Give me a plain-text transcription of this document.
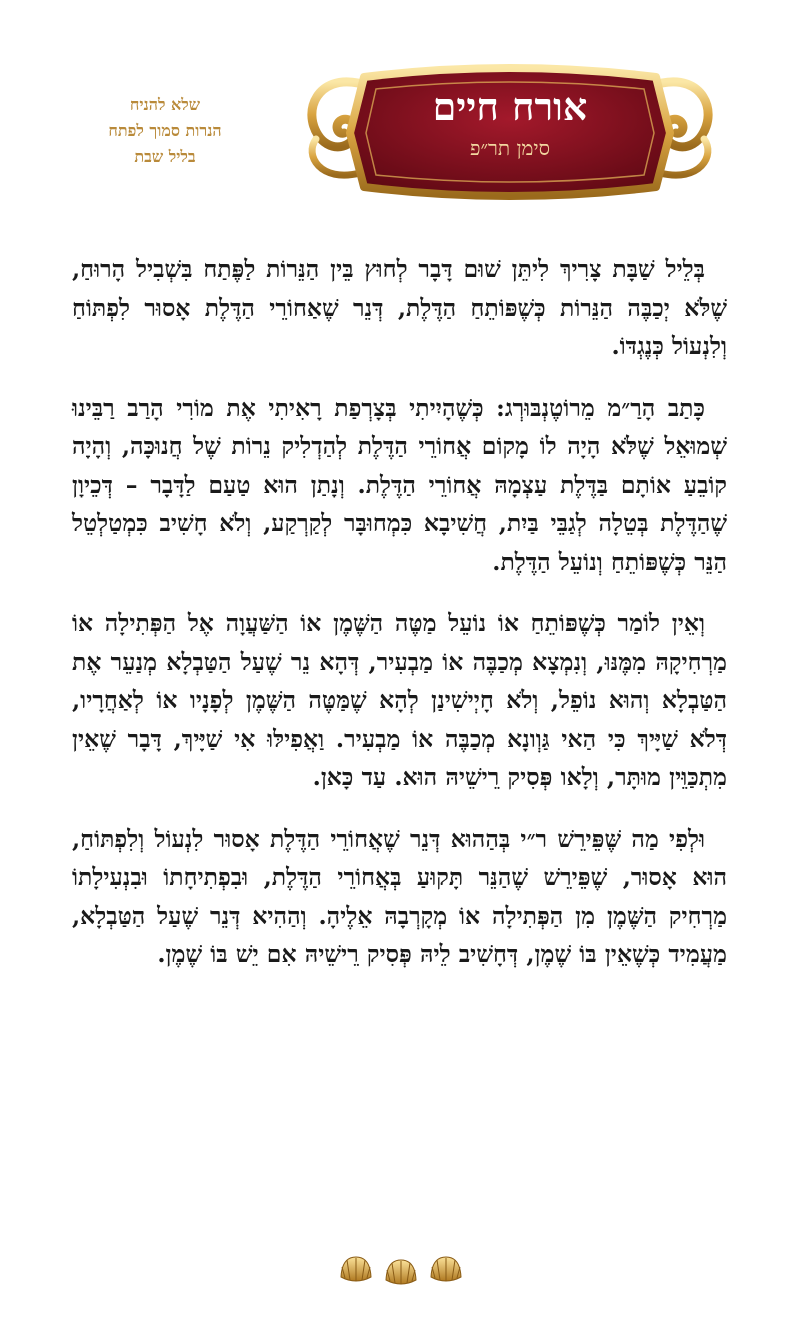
שלא להניח
הנרות סמוך לפתח
בליל שבת
אורח חיים
סימן תר״פ

בְּלֵיל שַׁבָּת צָרִיךְ לִיתֵּן שׁוּם דָּבָר לְחוּץ בֵּין הַנֵּרוֹת לַפֶּתַח בִּשְׁבִיל הָרוּחַ, שֶׁלֹּא יְכַבֶּה הַנֵּרוֹת כְּשֶׁפּוֹתֵחַ הַדֶּלֶת, דְּנֵר שֶׁאַחוֹרֵי הַדֶּלֶת אָסוּר לִפְתּוֹחַ וְלִנְעוֹל כְּנֶגְדּוֹ.

כָּתַב הָרַ״מ מֵרוֹטֶנְבּוּרְג: כְּשֶׁהָיִיתִי בְּצָרְפַת רָאִיתִי אֶת מוֹרִי הָרַב רַבֵּינוּ שְׁמוּאֵל שֶׁלֹּא הָיָה לוֹ מָקוֹם אֲחוֹרֵי הַדֶּלֶת לְהַדְלִיק נֵרוֹת שֶׁל חֲנוּכָּה, וְהָיָה קוֹבֵעַ אוֹתָם בַּדֶּלֶת עַצְמָהּ אֲחוֹרֵי הַדֶּלֶת. וְנָתַן הוּא טַעַם לַדָּבָר – דְּכֵיוָן שֶׁהַדֶּלֶת בְּטֵלָה לְגַבֵּי בַּיִת, חֲשִׁיבָא כִּמְחוּבָּר לְקַרְקַע, וְלֹא חָשִׁיב כִּמְטַלְטֵל הַנֵּר כְּשֶׁפּוֹתֵחַ וְנוֹעֵל הַדֶּלֶת.

וְאֵין לוֹמַר כְּשֶׁפּוֹתֵחַ אוֹ נוֹעֵל מַטֶּה הַשֶּׁמֶן אוֹ הַשַּׁעֲוָה אֶל הַפְּתִילָה אוֹ מַרְחִיקָהּ מִמֶּנּוּ, וְנִמְצָא מְכַבֶּה אוֹ מַבְעִיר, דְּהָא נֵר שֶׁעַל הַטַּבְלָא מְנַעֵר אֶת הַטַּבְלָא וְהוּא נוֹפֵל, וְלֹא חָיְישִׁינַן לְהָא שֶׁמַּטֶּה הַשֶּׁמֶן לְפָנָיו אוֹ לְאַחֲרָיו, דְּלֹא שַׁיָּיךְ כִּי הַאי גַּוְונָא מְכַבֶּה אוֹ מַבְעִיר. וַאֲפִילּוּ אִי שַׁיָּיךְ, דָּבָר שֶׁאֵין מִתְכַּוֵּין מוּתָּר, וְלָאו פְּסִיק רֵישֵׁיהּ הוּא. עַד כָּאן.

וּלְפִי מַה שֶּׁפֵּירֵשׁ ר״י בְּהַהוּא דְּנֵר שֶׁאֲחוֹרֵי הַדֶּלֶת אָסוּר לִנְעוֹל וְלִפְתּוֹחַ, הוּא אָסוּר, שֶׁפֵּירֵשׁ שֶׁהַנֵּר תָּקוּעַ בְּאֲחוֹרֵי הַדֶּלֶת, וּבִפְתִיחָתוֹ וּבִנְעִילָתוֹ מַרְחִיק הַשֶּׁמֶן מִן הַפְּתִילָה אוֹ מְקָרְבָהּ אֵלֶיהָ. וְהַהִיא דְּנֵר שֶׁעַל הַטַּבְלָא, מַעֲמִיד כְּשֶׁאֵין בּוֹ שֶׁמֶן, דְּחָשִׁיב לֵיהּ פְּסִיק רֵישֵׁיהּ אִם יֵשׁ בּוֹ שֶׁמֶן.
